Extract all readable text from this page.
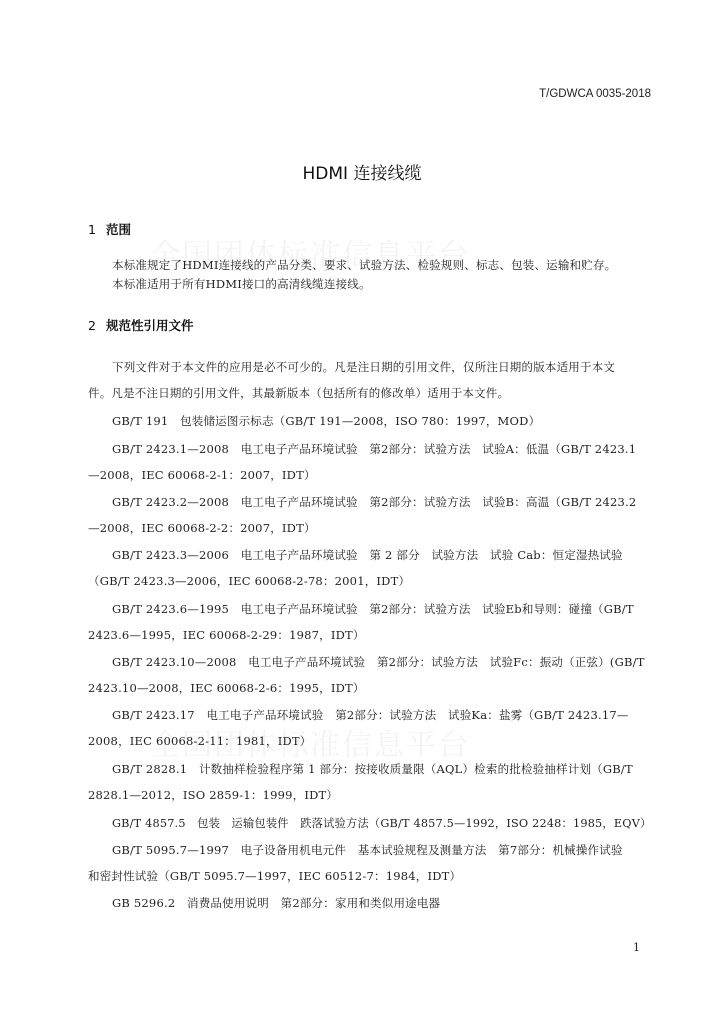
T/GDWCA 0035-2018
HDMI 连接线缆
1 范围
本标准规定了HDMI连接线的产品分类、要求、试验方法、检验规则、标志、包装、运输和贮存。
本标准适用于所有HDMI接口的高清线缆连接线。
2 规范性引用文件
下列文件对于本文件的应用是必不可少的。凡是注日期的引用文件，仅所注日期的版本适用于本文
件。凡是不注日期的引用文件，其最新版本（包括所有的修改单）适用于本文件。
GB/T 191　包装储运图示标志（GB/T 191—2008，ISO 780：1997，MOD）
GB/T 2423.1—2008　电工电子产品环境试验　第2部分：试验方法　试验A：低温（GB/T 2423.1
—2008，IEC 60068-2-1：2007，IDT）
GB/T 2423.2—2008　电工电子产品环境试验　第2部分：试验方法　试验B：高温（GB/T 2423.2
—2008，IEC 60068-2-2：2007，IDT）
GB/T 2423.3—2006　电工电子产品环境试验　第 2 部分　试验方法　试验 Cab：恒定湿热试验
（GB/T 2423.3—2006，IEC 60068-2-78：2001，IDT）
GB/T 2423.6—1995　电工电子产品环境试验　第2部分：试验方法　试验Eb和导则：碰撞（GB/T
2423.6—1995，IEC 60068-2-29：1987，IDT）
GB/T 2423.10—2008　电工电子产品环境试验　第2部分：试验方法　试验Fc：振动（正弦）(GB/T
2423.10—2008，IEC 60068-2-6：1995，IDT）
GB/T 2423.17　电工电子产品环境试验　第2部分：试验方法　试验Ka：盐雾（GB/T 2423.17—
2008，IEC 60068-2-11：1981，IDT）
GB/T 2828.1　计数抽样检验程序第 1 部分：按接收质量限（AQL）检索的批检验抽样计划（GB/T
2828.1—2012，ISO 2859-1：1999，IDT）
GB/T 4857.5　包装　运输包装件　跌落试验方法（GB/T 4857.5—1992，ISO 2248：1985，EQV）
GB/T 5095.7—1997　电子设备用机电元件　基本试验规程及测量方法　第7部分：机械操作试验
和密封性试验（GB/T 5095.7—1997，IEC 60512-7：1984，IDT）
GB 5296.2　消费品使用说明　第2部分：家用和类似用途电器
1
